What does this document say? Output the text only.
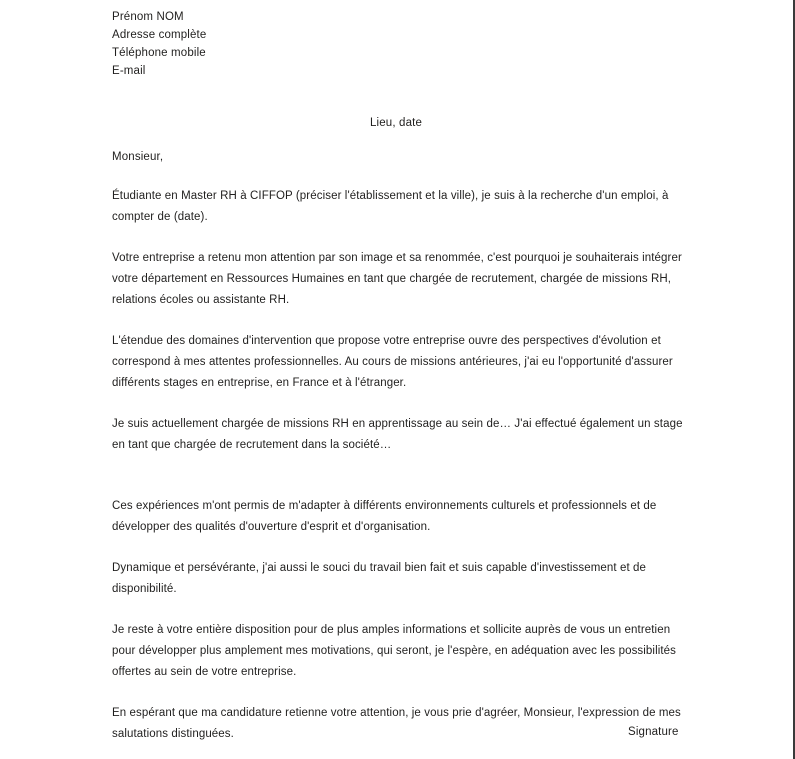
Prénom NOM
Adresse complète
Téléphone mobile
E-mail
Lieu, date
Monsieur,

Étudiante en Master RH à CIFFOP (préciser l'établissement et la ville), je suis à la recherche d'un emploi, à compter de (date).

Votre entreprise a retenu mon attention par son image et sa renommée, c'est pourquoi je souhaiterais intégrer votre département en Ressources Humaines en tant que chargée de recrutement, chargée de missions RH, relations écoles ou assistante RH.

L'étendue des domaines d'intervention que propose votre entreprise ouvre des perspectives d'évolution et correspond à mes attentes professionnelles. Au cours de missions antérieures, j'ai eu l'opportunité d'assurer différents stages en entreprise, en France et à l'étranger.

Je suis actuellement chargée de missions RH en apprentissage au sein de… J'ai effectué également un stage en tant que chargée de recrutement dans la société…

Ces expériences m'ont permis de m'adapter à différents environnements culturels et professionnels et de développer des qualités d'ouverture d'esprit et d'organisation.

Dynamique et persévérante, j'ai aussi le souci du travail bien fait et suis capable d'investissement et de disponibilité.

Je reste à votre entière disposition pour de plus amples informations et sollicite auprès de vous un entretien pour développer plus amplement mes motivations, qui seront, je l'espère, en adéquation avec les possibilités offertes au sein de votre entreprise.

En espérant que ma candidature retienne votre attention, je vous prie d'agréer, Monsieur, l'expression de mes salutations distinguées.	Signature
